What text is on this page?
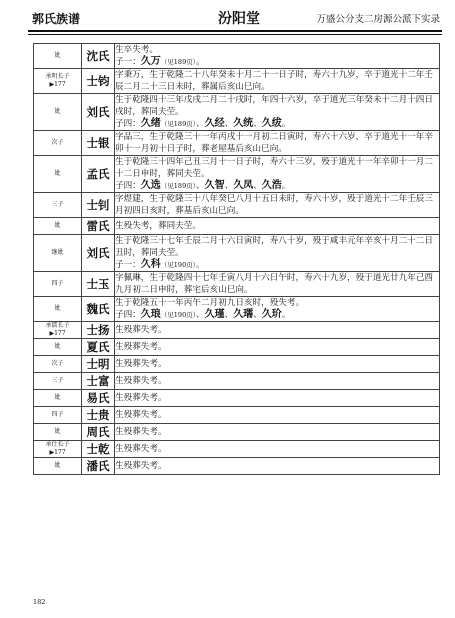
郭氏族谱	汾阳堂	万盛公分支二房源公派下实录
妣	沈氏	生卒失考。
子一：久万（见189页）。

承明长子
▶177	士钧	字秉万，生于乾隆二十八年癸未十月二十一日子时，寿六十九岁，卒于道光十二年壬辰二月二十三日未时，葬属后亥山巳向。

妣	刘氏	生于乾隆四十三年戊戌二月二十戌时，年四十六岁，卒于道光三年癸未十二月十四日戌时，葬同夫茔。
子四：久绪（见189页）、久经、久统、久绂。

次子	士银	字品三，生于乾隆三十一年丙戌十一月初二日寅时，寿六十六岁，卒于道光十一年辛卯十一月初十日子时，葬老屋基后亥山巳向。

妣	孟氏	生于乾隆三十四年己丑三月十一日子时，寿六十三岁，殁于道光十一年辛卯十一月二十二日申时，葬同夫茔。
子四：久选（见189页）、久智、久凤、久浩。

三子	士钊	字煜建，生于乾隆三十八年癸巳八月十五日未时，寿六十岁，殁于道光十二年壬辰三月初四日亥时，葬基后亥山巳向。

妣	雷氏	生殁失考，葬同夫茔。

继妣	刘氏	生于乾隆三十七年壬辰二月十六日寅时，寿八十岁，殁于咸丰元年辛亥十月二十二日丑时，葬同夫茔。
子一：久科（见190页）。

四子	士玉	字佩琳，生于乾隆四十七年壬寅八月十六日午时，寿六十九岁，殁于道光廿九年己酉九月初二日申时，葬宅后亥山巳向。

妣	魏氏	生于乾隆五十一年丙午二月初九日亥时，殁失考。
子四：久琅（见190页）、久瑾、久瓀、久玠。

承儒长子
▶177	士扬	生殁葬失考。

妣	夏氏	生殁葬失考。

次子	士明	生殁葬失考。

三子	士富	生殁葬失考。

妣	易氏	生殁葬失考。

四子	士贵	生殁葬失考。

妣	周氏	生殁葬失考。

承仕长子
▶177	士乾	生殁葬失考。

妣	潘氏	生殁葬失考。
182
